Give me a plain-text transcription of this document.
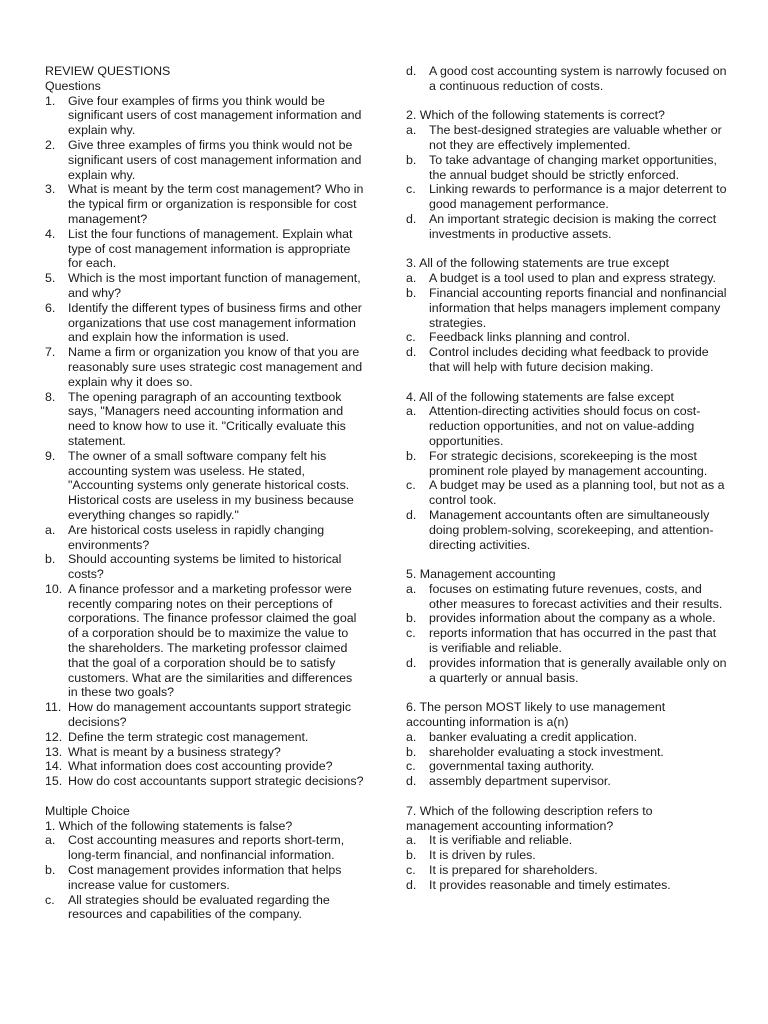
REVIEW QUESTIONS
Questions
1.	Give four examples of firms you think would be significant users of cost management information and explain why.
2.	Give three examples of firms you think would not be significant users of cost management information and explain why.
3.	What is meant by the term cost management? Who in the typical firm or organization is responsible for cost management?
4.	List the four functions of management. Explain what type of cost management information is appropriate for each.
5.	Which is the most important function of management, and why?
6.	Identify the different types of business firms and other organizations that use cost management information and explain how the information is used.
7.	Name a firm or organization you know of that you are reasonably sure uses strategic cost management and explain why it does so.
8.	The opening paragraph of an accounting textbook says, "Managers need accounting information and need to know how to use it. "Critically evaluate this statement.
9.	The owner of a small software company felt his accounting system was useless. He stated, "Accounting systems only generate historical costs. Historical costs are useless in my business because everything changes so rapidly."
a.	Are historical costs useless in rapidly changing environments?
b.	Should accounting systems be limited to historical costs?
10. A finance professor and a marketing professor were recently comparing notes on their perceptions of corporations. The finance professor claimed the goal of a corporation should be to maximize the value to the shareholders. The marketing professor claimed that the goal of a corporation should be to satisfy customers. What are the similarities and differences in these two goals?
11. How do management accountants support strategic decisions?
12. Define the term strategic cost management.
13. What is meant by a business strategy?
14. What information does cost accounting provide?
15. How do cost accountants support strategic decisions?
Multiple Choice
1. Which of the following statements is false?
a.	Cost accounting measures and reports short-term, long-term financial, and nonfinancial information.
b.	Cost management provides information that helps increase value for customers.
c.	All strategies should be evaluated regarding the resources and capabilities of the company.
d.	A good cost accounting system is narrowly focused on a continuous reduction of costs.
2. Which of the following statements is correct?
a.	The best-designed strategies are valuable whether or not they are effectively implemented.
b.	To take advantage of changing market opportunities, the annual budget should be strictly enforced.
c.	Linking rewards to performance is a major deterrent to good management performance.
d.	An important strategic decision is making the correct investments in productive assets.
3. All of the following statements are true except
a.	A budget is a tool used to plan and express strategy.
b.	Financial accounting reports financial and nonfinancial information that helps managers implement company strategies.
c.	Feedback links planning and control.
d.	Control includes deciding what feedback to provide that will help with future decision making.
4. All of the following statements are false except
a.	Attention-directing activities should focus on cost-reduction opportunities, and not on value-adding opportunities.
b.	For strategic decisions, scorekeeping is the most prominent role played by management accounting.
c.	A budget may be used as a planning tool, but not as a control took.
d.	Management accountants often are simultaneously doing problem-solving, scorekeeping, and attention-directing activities.
5. Management accounting
a.	focuses on estimating future revenues, costs, and other measures to forecast activities and their results.
b.	provides information about the company as a whole.
c.	reports information that has occurred in the past that is verifiable and reliable.
d.	provides information that is generally available only on a quarterly or annual basis.
6. The person MOST likely to use management accounting information is a(n)
a.	banker evaluating a credit application.
b.	shareholder evaluating a stock investment.
c.	governmental taxing authority.
d.	assembly department supervisor.
7. Which of the following description refers to management accounting information?
a.	It is verifiable and reliable.
b.	It is driven by rules.
c.	It is prepared for shareholders.
d.	It provides reasonable and timely estimates.
